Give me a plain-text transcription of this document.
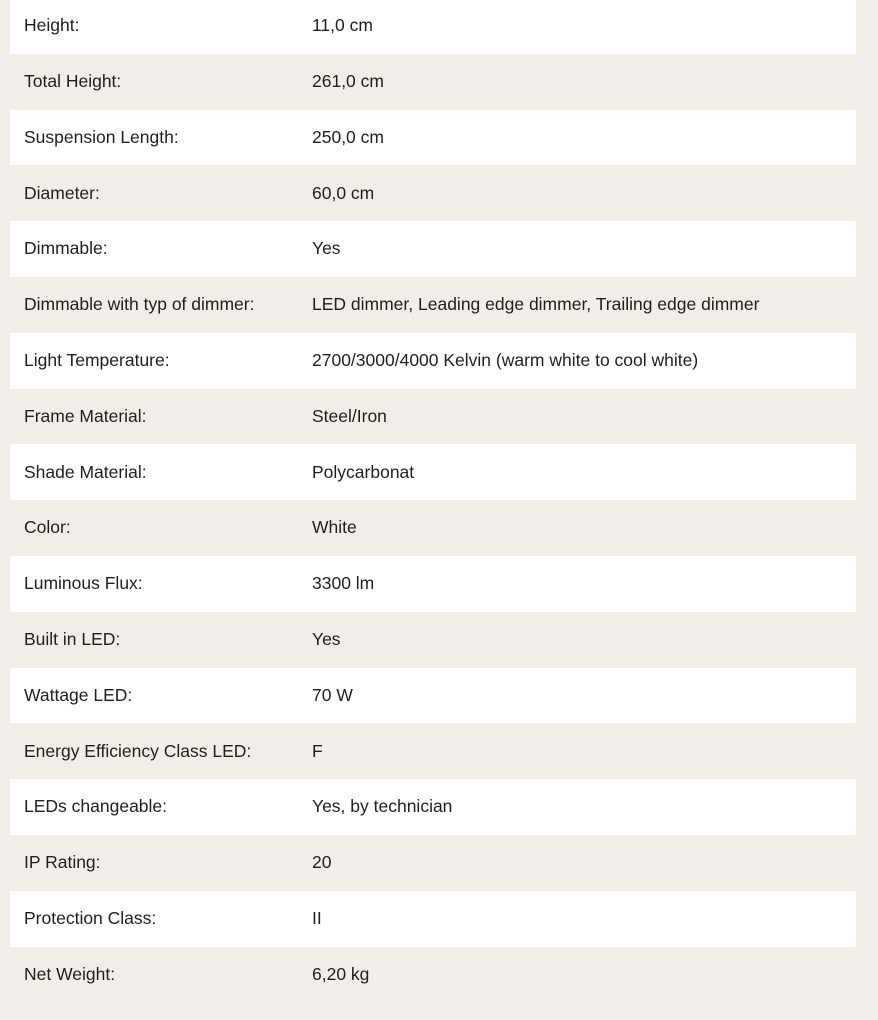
Height:	11,0 cm
Total Height:	261,0 cm
Suspension Length:	250,0 cm
Diameter:	60,0 cm
Dimmable:	Yes
Dimmable with typ of dimmer:	LED dimmer, Leading edge dimmer, Trailing edge dimmer
Light Temperature:	2700/3000/4000 Kelvin (warm white to cool white)
Frame Material:	Steel/Iron
Shade Material:	Polycarbonat
Color:	White
Luminous Flux:	3300 lm
Built in LED:	Yes
Wattage LED:	70 W
Energy Efficiency Class LED:	F
LEDs changeable:	Yes, by technician
IP Rating:	20
Protection Class:	II
Net Weight:	6,20 kg
